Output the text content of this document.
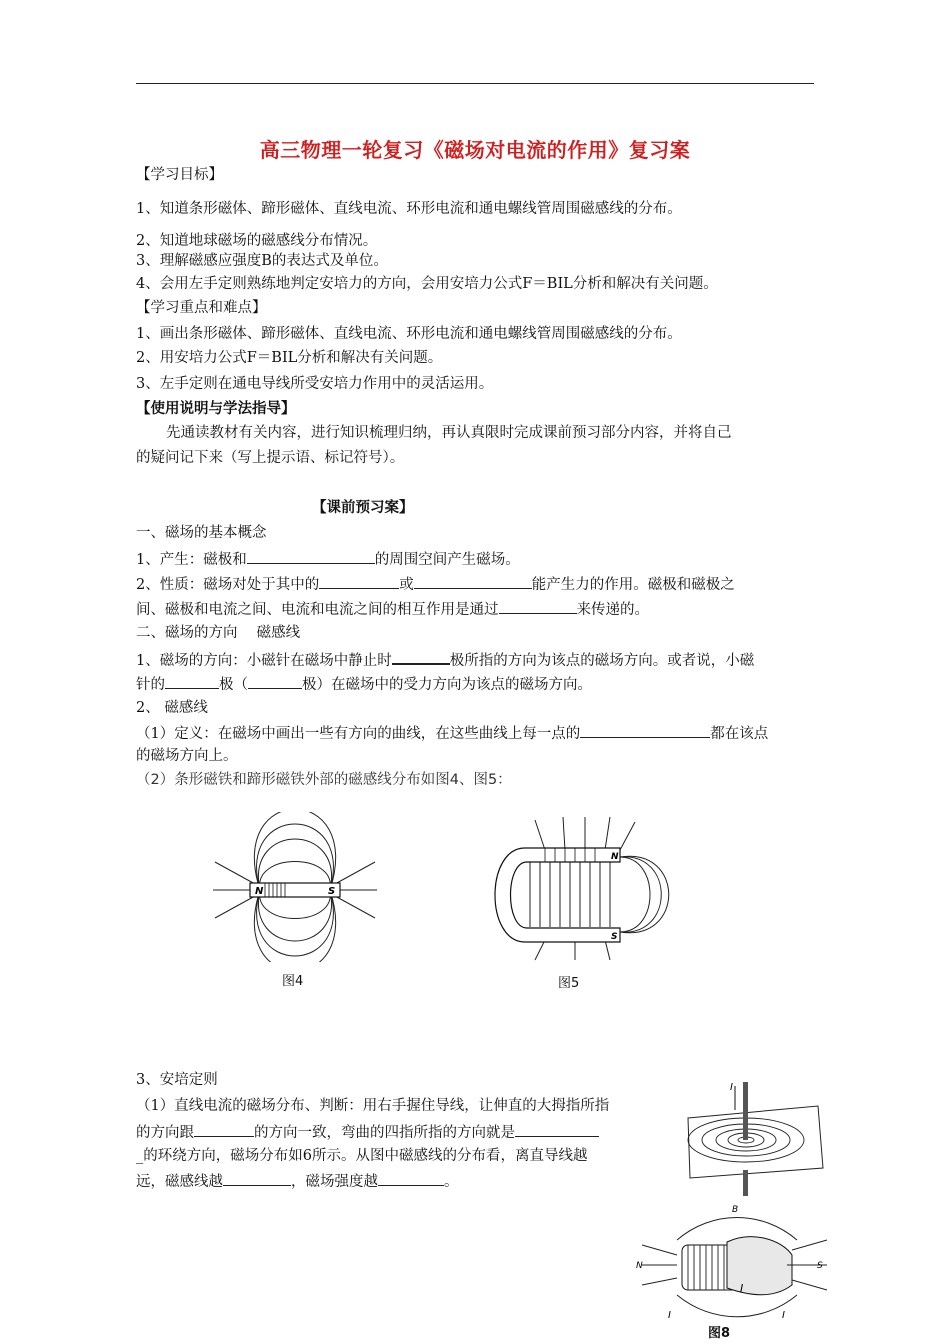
高三物理一轮复习《磁场对电流的作用》复习案
【学习目标】
1、知道条形磁体、蹄形磁体、直线电流、环形电流和通电螺线管周围磁感线的分布。
2、知道地球磁场的磁感线分布情况。
3、理解磁感应强度B的表达式及单位。
4、会用左手定则熟练地判定安培力的方向，会用安培力公式F＝BIL分析和解决有关问题。
【学习重点和难点】
1、画出条形磁体、蹄形磁体、直线电流、环形电流和通电螺线管周围磁感线的分布。
2、用安培力公式F＝BIL分析和解决有关问题。
3、左手定则在通电导线所受安培力作用中的灵活运用。
【使用说明与学法指导】
先通读教材有关内容，进行知识梳理归纳，再认真限时完成课前预习部分内容，并将自己
的疑问记下来（写上提示语、标记符号）。
【课前预习案】
一、磁场的基本概念
1、产生：磁极和	的周围空间产生磁场。
2、性质：磁场对处于其中的	或	能产生力的作用。磁极和磁极之
间、磁极和电流之间、电流和电流之间的相互作用是通过	来传递的。
二、磁场的方向　 磁感线
1、磁场的方向：小磁针在磁场中静止时	极所指的方向为该点的磁场方向。或者说，小磁
针的	极（	极）在磁场中的受力方向为该点的磁场方向。
2、 磁感线
（1）定义：在磁场中画出一些有方向的曲线，在这些曲线上每一点的	都在该点
的磁场方向上。
（2）条形磁铁和蹄形磁铁外部的磁感线分布如图4、图5：
N	S
图4
N
S
图5
3、安培定则
（1）直线电流的磁场分布、判断：用右手握住导线，让伸直的大拇指所指
的方向跟	的方向一致，弯曲的四指所指的方向就是
_的环绕方向，磁场分布如6所示。从图中磁感线的分布看，离直导线越
远，磁感线越	，磁场强度越	。
I
B
N	S
I
I	I
图8
